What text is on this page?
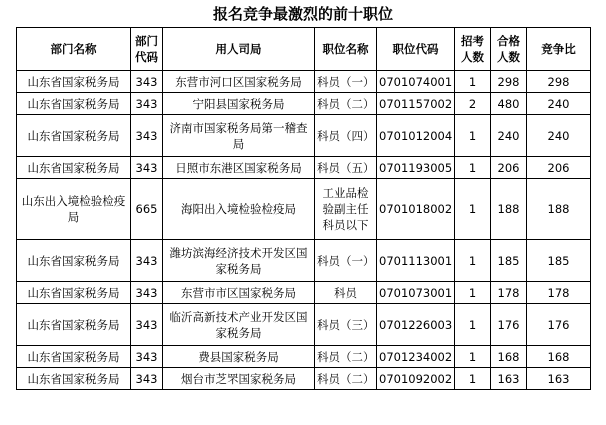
报名竞争最激烈的前十职位
部门名称	部门代码	用人司局	职位名称	职位代码	招考人数	合格人数	竞争比
山东省国家税务局	343	东营市河口区国家税务局	科员（一）	0701074001	1	298	298
山东省国家税务局	343	宁阳县国家税务局	科员（二）	0701157002	2	480	240
山东省国家税务局	343	济南市国家税务局第一稽查局	科员（四）	0701012004	1	240	240
山东省国家税务局	343	日照市东港区国家税务局	科员（五）	0701193005	1	206	206
山东出入境检验检疫局	665	海阳出入境检验检疫局	工业品检验副主任科员以下	0701018002	1	188	188
山东省国家税务局	343	潍坊滨海经济技术开发区国家税务局	科员（一）	0701113001	1	185	185
山东省国家税务局	343	东营市市区国家税务局	科员	0701073001	1	178	178
山东省国家税务局	343	临沂高新技术产业开发区国家税务局	科员（三）	0701226003	1	176	176
山东省国家税务局	343	费县国家税务局	科员（二）	0701234002	1	168	168
山东省国家税务局	343	烟台市芝罘国家税务局	科员（二）	0701092002	1	163	163
